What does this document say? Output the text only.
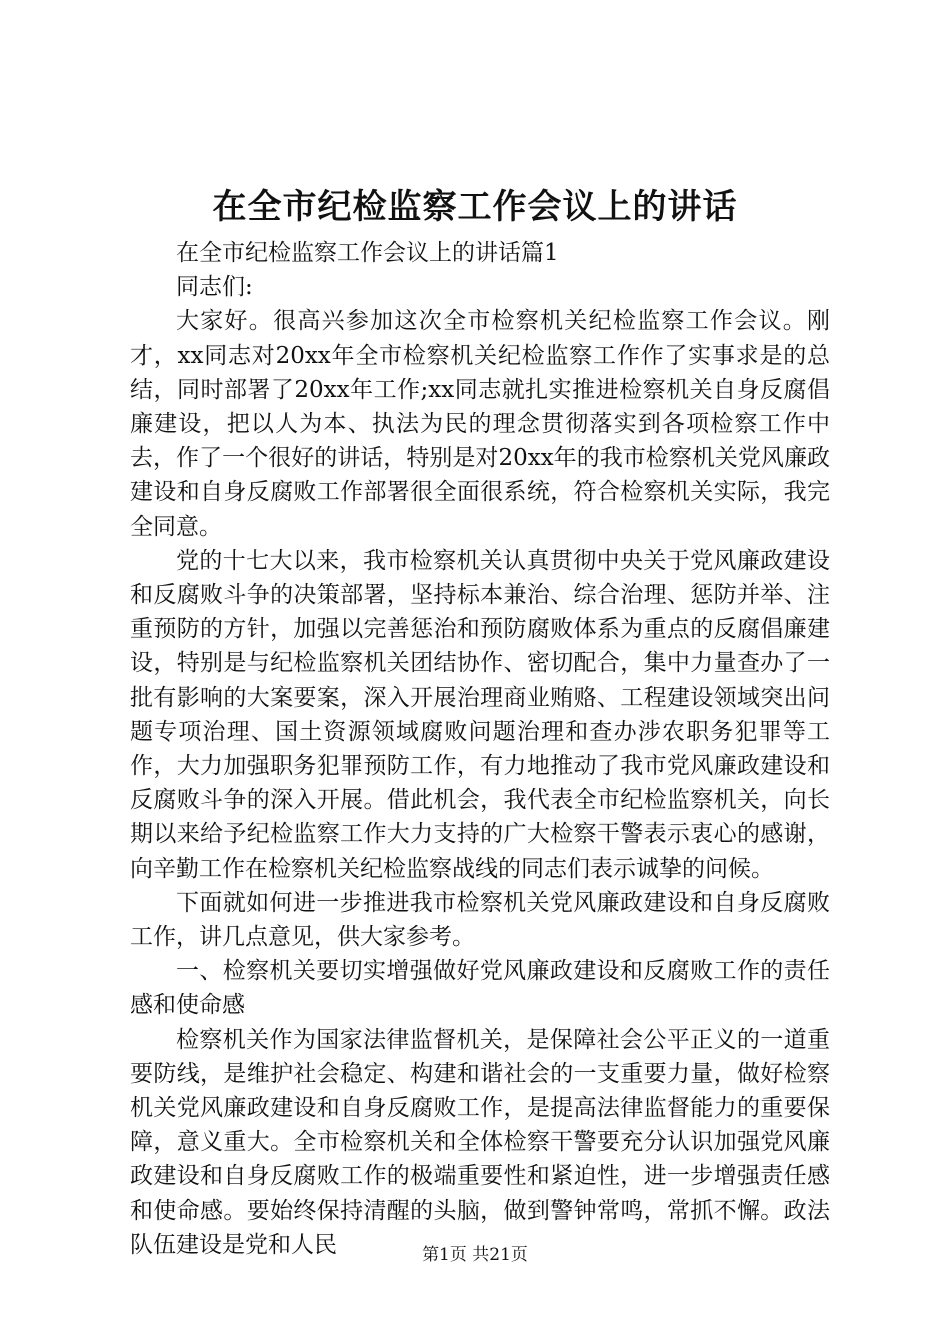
在全市纪检监察工作会议上的讲话

在全市纪检监察工作会议上的讲话篇1

同志们:

大家好。很高兴参加这次全市检察机关纪检监察工作会议。刚才，xx同志对20xx年全市检察机关纪检监察工作作了实事求是的总结，同时部署了20xx年工作;xx同志就扎实推进检察机关自身反腐倡廉建设，把以人为本、执法为民的理念贯彻落实到各项检察工作中去，作了一个很好的讲话，特别是对20xx年的我市检察机关党风廉政建设和自身反腐败工作部署很全面很系统，符合检察机关实际，我完全同意。

党的十七大以来，我市检察机关认真贯彻中央关于党风廉政建设和反腐败斗争的决策部署，坚持标本兼治、综合治理、惩防并举、注重预防的方针，加强以完善惩治和预防腐败体系为重点的反腐倡廉建设，特别是与纪检监察机关团结协作、密切配合，集中力量查办了一批有影响的大案要案，深入开展治理商业贿赂、工程建设领域突出问题专项治理、国土资源领域腐败问题治理和查办涉农职务犯罪等工作，大力加强职务犯罪预防工作，有力地推动了我市党风廉政建设和反腐败斗争的深入开展。借此机会，我代表全市纪检监察机关，向长期以来给予纪检监察工作大力支持的广大检察干警表示衷心的感谢，向辛勤工作在检察机关纪检监察战线的同志们表示诚挚的问候。

下面就如何进一步推进我市检察机关党风廉政建设和自身反腐败工作，讲几点意见，供大家参考。

一、检察机关要切实增强做好党风廉政建设和反腐败工作的责任感和使命感

检察机关作为国家法律监督机关，是保障社会公平正义的一道重要防线，是维护社会稳定、构建和谐社会的一支重要力量，做好检察机关党风廉政建设和自身反腐败工作，是提高法律监督能力的重要保障，意义重大。全市检察机关和全体检察干警要充分认识加强党风廉政建设和自身反腐败工作的极端重要性和紧迫性，进一步增强责任感和使命感。要始终保持清醒的头脑，做到警钟常鸣，常抓不懈。政法队伍建设是党和人民	第1页 共21页
